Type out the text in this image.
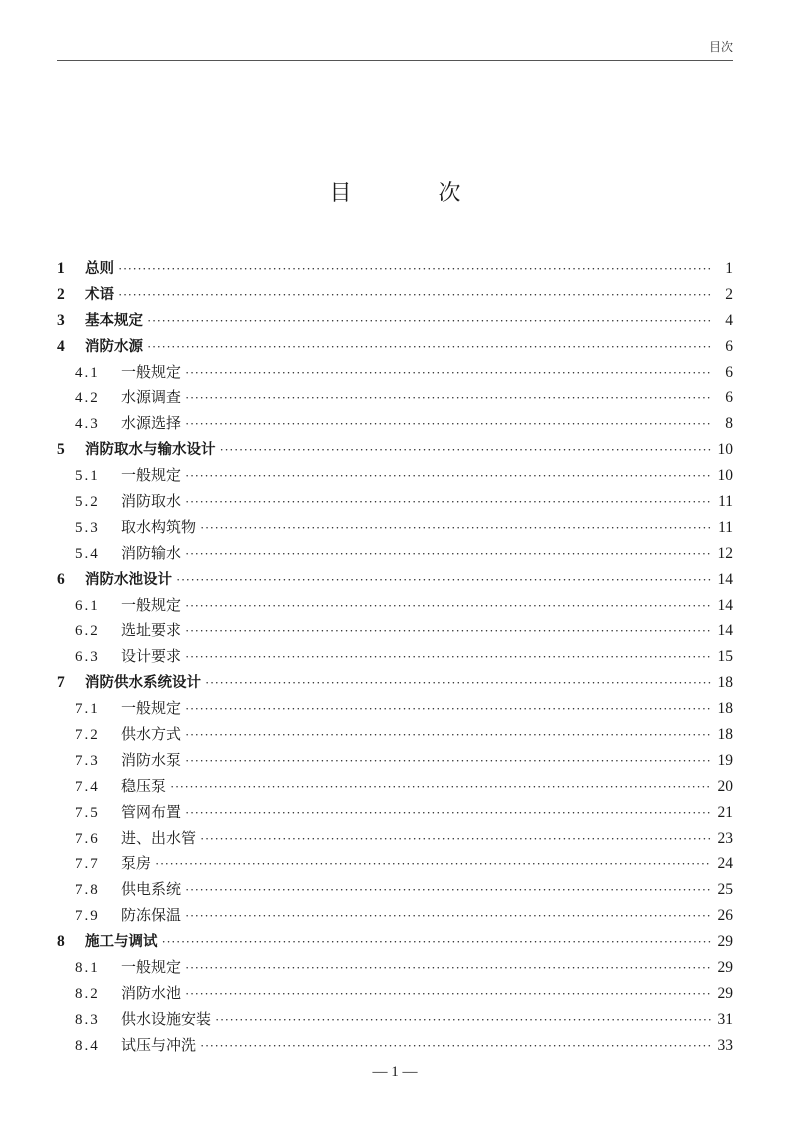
目次
目 次
1	总则 ·····	1
2	术语 ·····	2
3	基本规定 ·····	4
4	消防水源 ·····	6
4.1	一般规定 ·····	6
4.2	水源调查 ·····	6
4.3	水源选择 ·····	8
5	消防取水与输水设计 ·····	10
5.1	一般规定 ·····	10
5.2	消防取水 ·····	11
5.3	取水构筑物 ·····	11
5.4	消防输水 ·····	12
6	消防水池设计 ·····	14
6.1	一般规定 ·····	14
6.2	选址要求 ·····	14
6.3	设计要求 ·····	15
7	消防供水系统设计 ·····	18
7.1	一般规定 ·····	18
7.2	供水方式 ·····	18
7.3	消防水泵 ·····	19
7.4	稳压泵 ·····	20
7.5	管网布置 ·····	21
7.6	进、出水管 ·····	23
7.7	泵房 ·····	24
7.8	供电系统 ·····	25
7.9	防冻保温 ·····	26
8	施工与调试 ·····	29
8.1	一般规定 ·····	29
8.2	消防水池 ·····	29
8.3	供水设施安装 ·····	31
8.4	试压与冲洗 ·····	33
— 1 —
